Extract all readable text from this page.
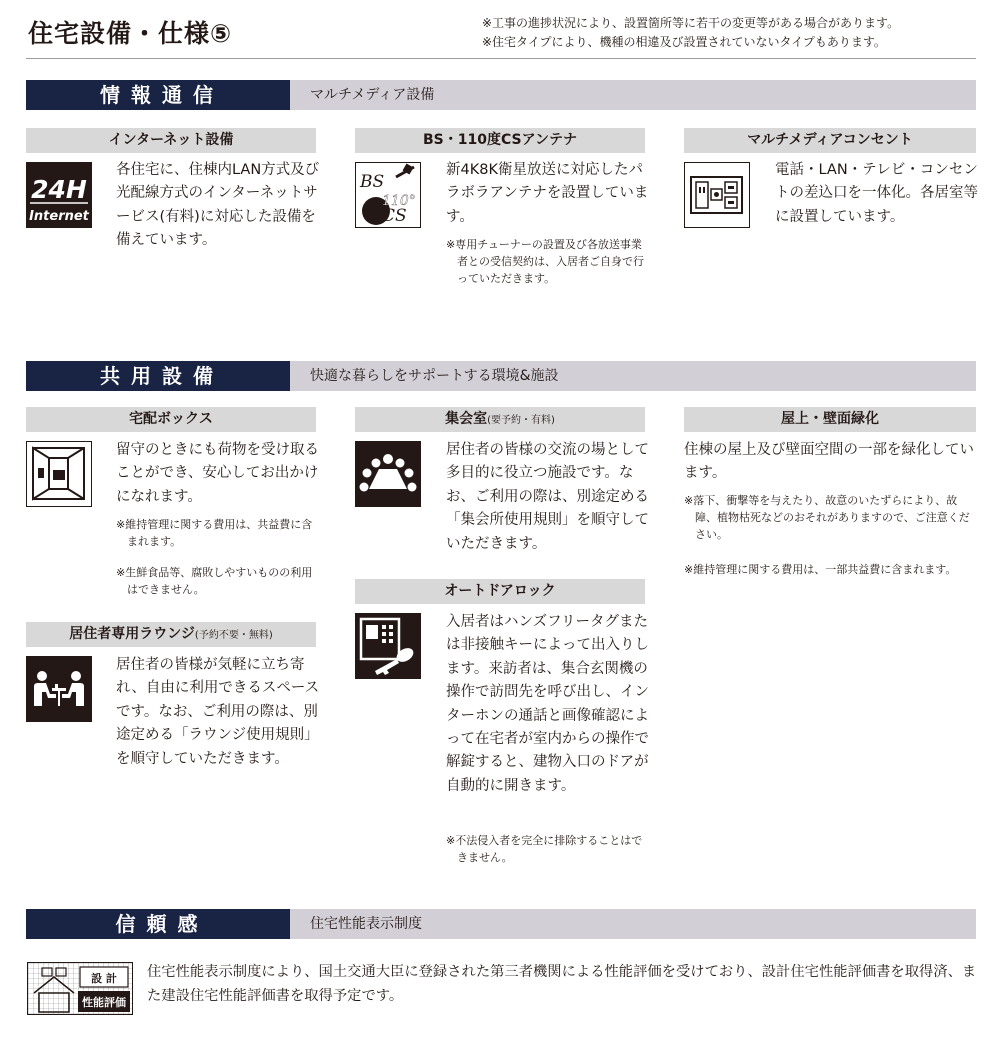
住宅設備・仕様⑤	※工事の進捗状況により、設置箇所等に若干の変更等がある場合があります。
※住宅タイプにより、機種の相違及び設置されていないタイプもあります。
情報通信	マルチメディア設備
インターネット設備
24H
Internet
各住宅に、住棟内LAN方式及び光配線方式のインターネットサービス(有料)に対応した設備を備えています。
BS・110度CSアンテナ
BS
110°
CS
新4K8K衛星放送に対応したパラボラアンテナを設置しています。
※専用チューナーの設置及び各放送事業者との受信契約は、入居者ご自身で行っていただきます。
マルチメディアコンセント
電話・LAN・テレビ・コンセントの差込口を一体化。各居室等に設置しています。
共用設備	快適な暮らしをサポートする環境&施設
宅配ボックス
留守のときにも荷物を受け取ることができ、安心してお出かけになれます。
※維持管理に関する費用は、共益費に含まれます。
※生鮮食品等、腐敗しやすいものの利用はできません。
居住者専用ラウンジ(予約不要・無料)
居住者の皆様が気軽に立ち寄れ、自由に利用できるスペースです。なお、ご利用の際は、別途定める「ラウンジ使用規則」を順守していただきます。
集会室(要予約・有料)
居住者の皆様の交流の場として多目的に役立つ施設です。なお、ご利用の際は、別途定める「集会所使用規則」を順守していただきます。
オートドアロック
入居者はハンズフリータグまたは非接触キーによって出入りします。来訪者は、集合玄関機の操作で訪問先を呼び出し、インターホンの通話と画像確認によって在宅者が室内からの操作で解錠すると、建物入口のドアが自動的に開きます。
※不法侵入者を完全に排除することはできません。
屋上・壁面緑化
住棟の屋上及び壁面空間の一部を緑化しています。
※落下、衝撃等を与えたり、故意のいたずらにより、故障、植物枯死などのおそれがありますので、ご注意ください。
※維持管理に関する費用は、一部共益費に含まれます。
信頼感	住宅性能表示制度
設 計
性能評価
住宅性能表示制度により、国土交通大臣に登録された第三者機関による性能評価を受けており、設計住宅性能評価書を取得済、また建設住宅性能評価書を取得予定です。
